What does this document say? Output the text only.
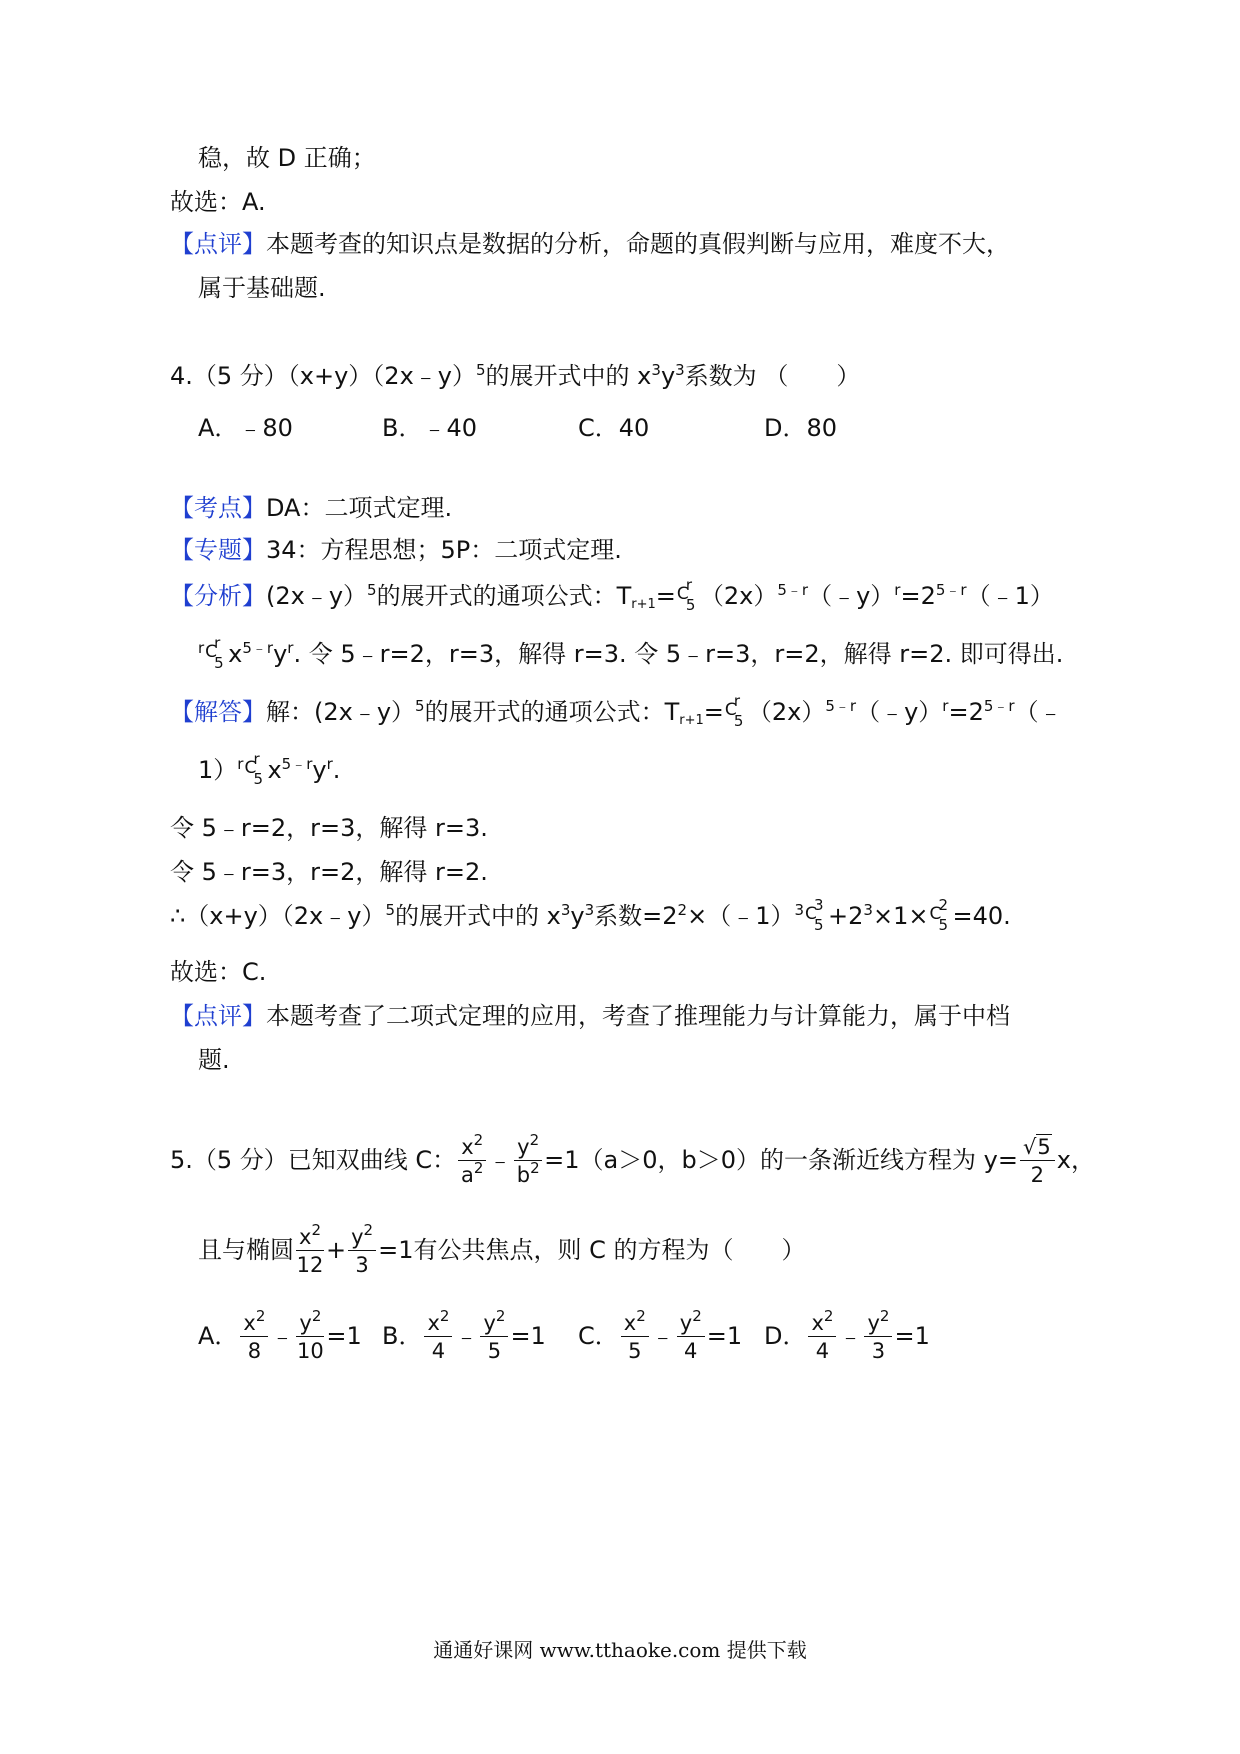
稳，故 D 正确；
故选：A.
【点评】本题考查的知识点是数据的分析，命题的真假判断与应用，难度不大，
属于基础题.
4.（5 分）（x+y）（2x﹣y）$^5$的展开式中的 $x^3y^3$系数为 （　　）
A．﹣80	B．﹣40	C．40	D．80
【考点】DA：二项式定理.
【专题】34：方程思想；5P：二项式定理.
【分析】(2x﹣y）$^5$的展开式的通项公式：$T_{r+1}= C$
r
5 $(2x)^{5﹣r}(﹣y)^r=2^{5﹣r}(﹣1)$
$^r$ C
r
5 $x^{5﹣r}y^r$. 令 5﹣r=2，r=3，解得 r=3. 令 5﹣r=3，r=2，解得 r=2. 即可得出.
【解答】解：(2x﹣y）$^5$的展开式的通项公式：$T_{r+1}= C$
r
5 $(2x)^{5﹣r}(﹣y)^r=2^{5﹣r}(﹣$
1）$^r$ C
r
5 $x^{5﹣r}y^r$.
令 5﹣r=2，r=3，解得 r=3.
令 5﹣r=3，r=2，解得 r=2.
∴（x+y）（2x﹣y）$^5$的展开式中的 $x^3y^3$系数$=2^2\times(﹣1)^3$ C
3
$5 +2^3\times 1\times C$
2
5 =40.
故选：C.
【点评】本题考查了二项式定理的应用，考查了推理能力与计算能力，属于中档
题.
5.（5 分）已知双曲线 C： $\frac{x^2}{a^2}$ ﹣ $\frac{y^2}{b^2} =1(a>0$，b＞0）的一条渐近线方程为 $y= \frac{√5}{2}$ x，
且与椭圆 $\frac{x^2}{12} + \frac{y^2}{3} =1$有公共焦点，则 C 的方程为（　　）
A． $\frac{x^2}{8}$ ﹣ $\frac{y^2}{10} =1$ B． $\frac{x^2}{4}$ ﹣ $\frac{y^2}{5} =1$ C． $\frac{x^2}{5}$ ﹣ $\frac{y^2}{4} =1$ D． $\frac{x^2}{4}$ ﹣ $\frac{y^2}{3} =1$
通通好课网 www.tthaoke.com 提供下载
